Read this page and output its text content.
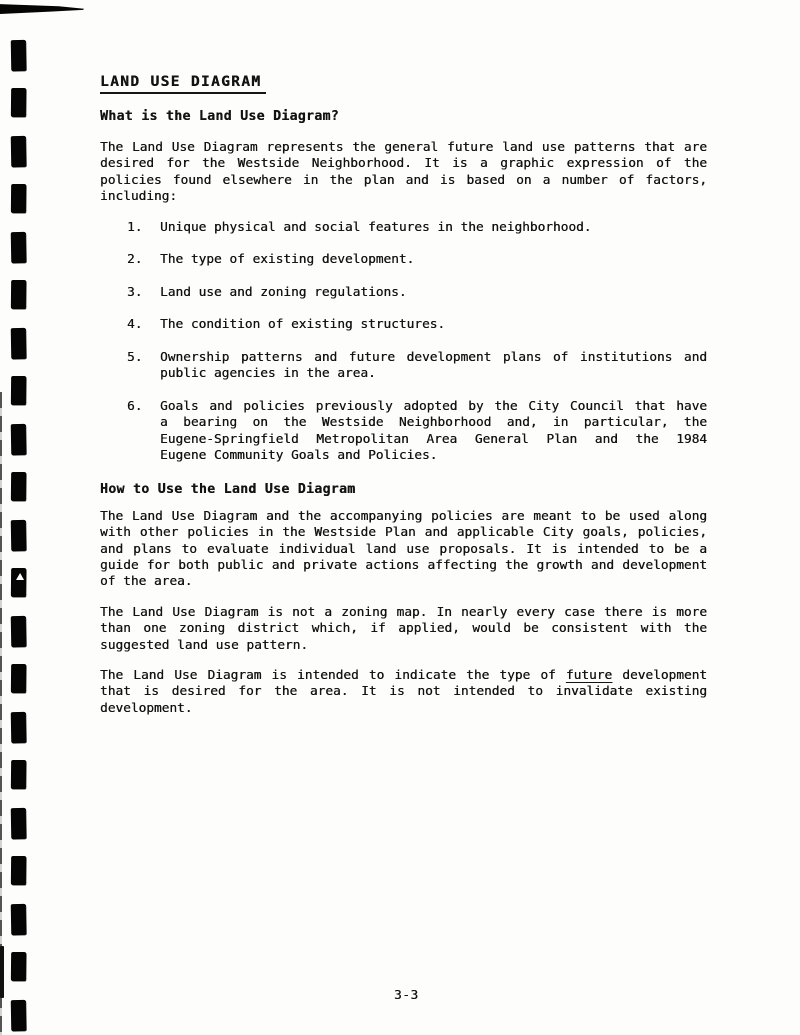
LAND USE DIAGRAM
What is the Land Use Diagram?
The Land Use Diagram represents the general future land use patterns that are
desired for the Westside Neighborhood. It is a graphic expression of the
policies found elsewhere in the plan and is based on a number of factors,
including:
1.	Unique physical and social features in the neighborhood.
2.	The type of existing development.
3.	Land use and zoning regulations.
4.	The condition of existing structures.
5.	Ownership patterns and future development plans of institutions and
public agencies in the area.
6.	Goals and policies previously adopted by the City Council that have
a bearing on the Westside Neighborhood and, in particular, the
Eugene-Springfield Metropolitan Area General Plan and the 1984
Eugene Community Goals and Policies.
How to Use the Land Use Diagram
The Land Use Diagram and the accompanying policies are meant to be used along
with other policies in the Westside Plan and applicable City goals, policies,
and plans to evaluate individual land use proposals. It is intended to be a
guide for both public and private actions affecting the growth and development
of the area.
The Land Use Diagram is not a zoning map. In nearly every case there is more
than one zoning district which, if applied, would be consistent with the
suggested land use pattern.
The Land Use Diagram is intended to indicate the type of future development
that is desired for the area. It is not intended to invalidate existing
development.
3-3
